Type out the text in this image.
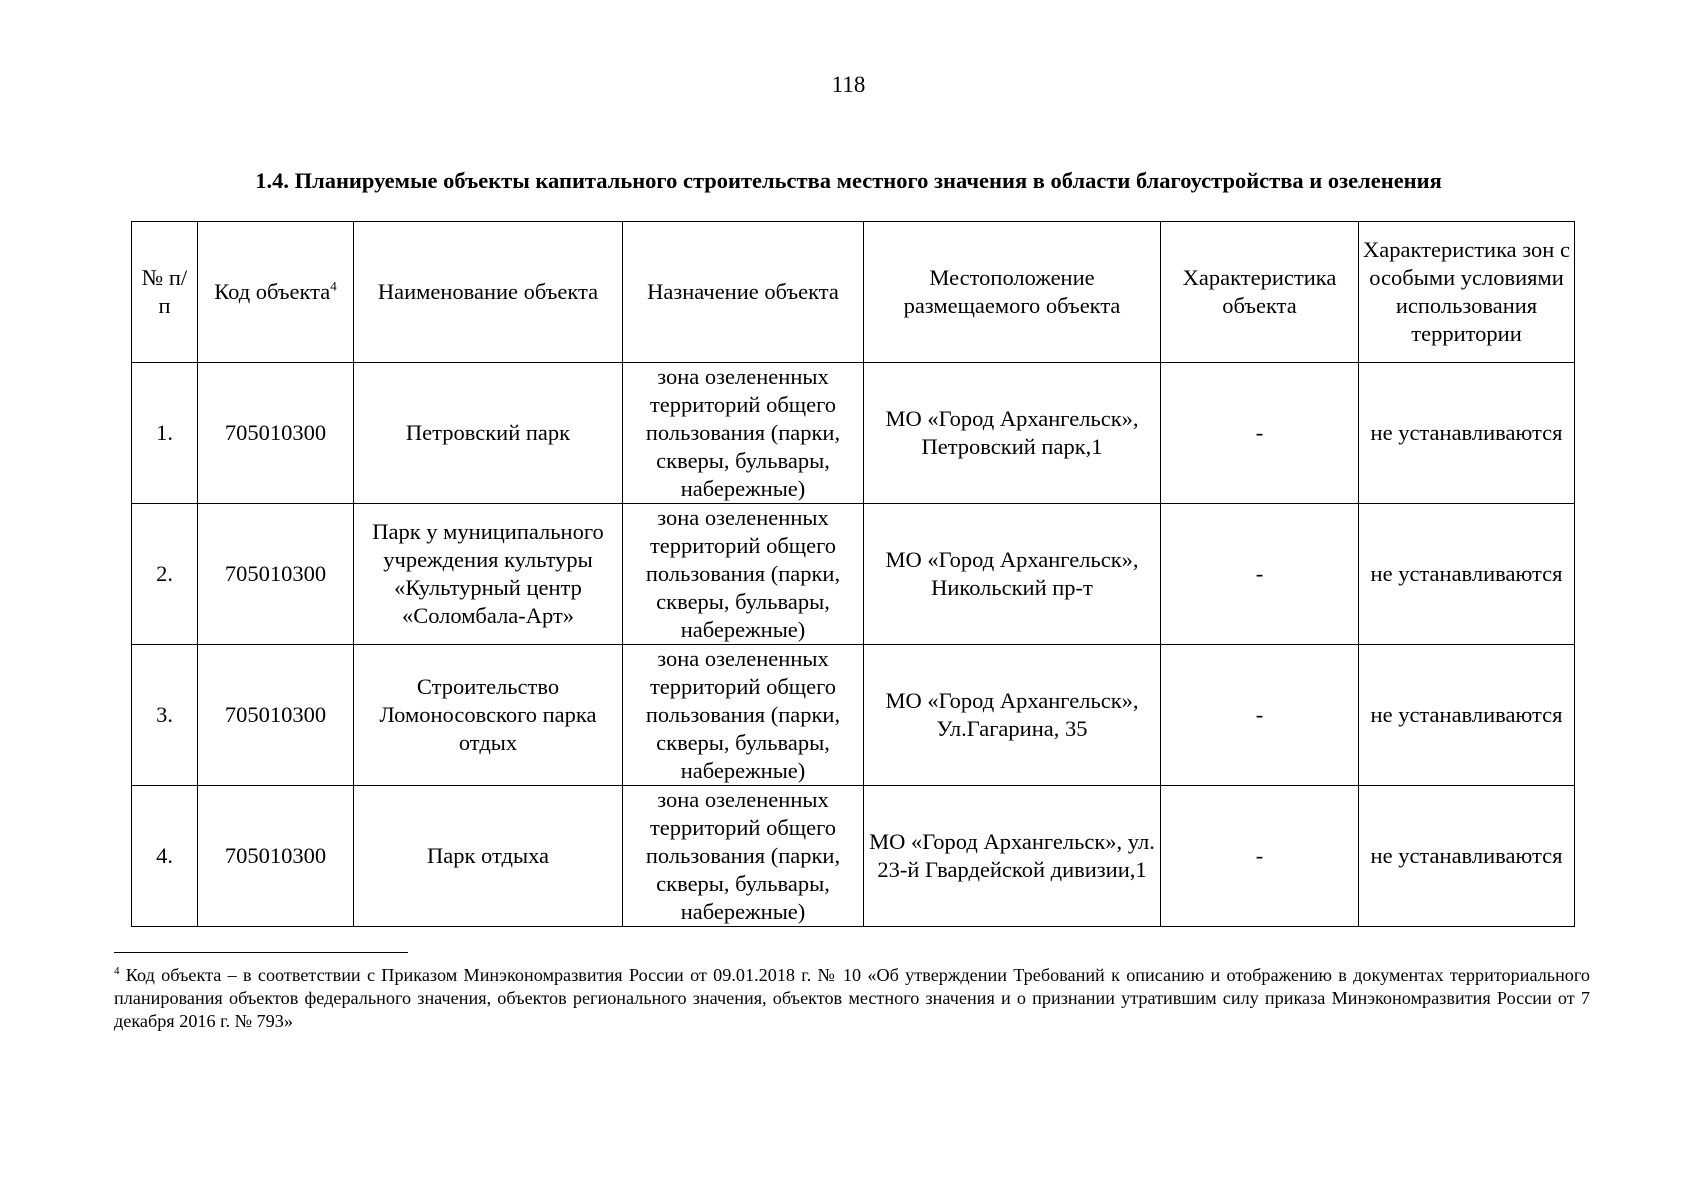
118
1.4. Планируемые объекты капитального строительства местного значения в области благоустройства и озеленения
№ п/п	Код объекта$^4$	Наименование объекта	Назначение объекта	Местоположение размещаемого объекта	Характеристика объекта	Характеристика зон с особыми условиями использования территории
1.	705010300	Петровский парк	зона озелененных территорий общего пользования (парки, скверы, бульвары, набережные)	МО «Город Архангельск», Петровский парк,1	-	не устанавливаются
2.	705010300	Парк у муниципального учреждения культуры «Культурный центр «Соломбала-Арт»	зона озелененных территорий общего пользования (парки, скверы, бульвары, набережные)	МО «Город Архангельск», Никольский пр-т	-	не устанавливаются
3.	705010300	Строительство Ломоносовского парка отдых	зона озелененных территорий общего пользования (парки, скверы, бульвары, набережные)	МО «Город Архангельск», Ул.Гагарина, 35	-	не устанавливаются
4.	705010300	Парк отдыха	зона озелененных территорий общего пользования (парки, скверы, бульвары, набережные)	МО «Город Архангельск», ул. 23-й Гвардейской дивизии,1	-	не устанавливаются
$^4$ Код объекта – в соответствии с Приказом Минэкономразвития России от 09.01.2018 г. № 10 «Об утверждении Требований к описанию и отображению в документах территориального планирования объектов федерального значения, объектов регионального значения, объектов местного значения и о признании утратившим силу приказа Минэкономразвития России от 7 декабря 2016 г. № 793»
